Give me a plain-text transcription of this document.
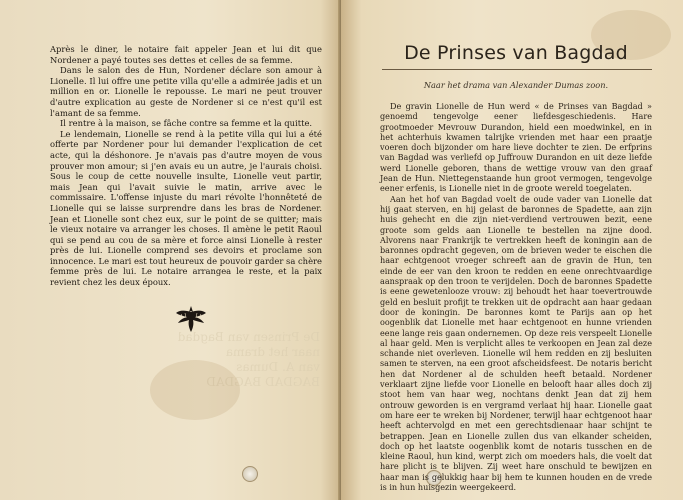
Après le diner, le notaire fait appeler Jean et lui dit que Nordener a payé toutes ses dettes et celles de sa femme.

Dans le salon des de Hun, Nordener déclare son amour à Lionelle. Il lui offre une petite villa qu'elle a admirée jadis et un million en or. Lionelle le repousse. Le mari ne peut trouver d'autre explication au geste de Nordener si ce n'est qu'il est l'amant de sa femme.

Il rentre à la maison, se fâche contre sa femme et la quitte.

Le lendemain, Lionelle se rend à la petite villa qui lui a été offerte par Nordener pour lui demander l'explication de cet acte, qui la déshonore. Je n'avais pas d'autre moyen de vous prouver mon amour; si j'en avais eu un autre, je l'aurais choisi. Sous le coup de cette nouvelle insulte, Lionelle veut partir, mais Jean qui l'avait suivie le matin, arrive avec le commissaire. L'offense injuste du mari révolte l'honnêteté de Lionelle qui se laisse surprendre dans les bras de Nordener. Jean et Lionelle sont chez eux, sur le point de se quitter; mais le vieux notaire va arranger les choses. Il amène le petit Raoul qui se pend au cou de sa mère et force ainsi Lionelle à rester près de lui. Lionelle comprend ses devoirs et proclame son innocence. Le mari est tout heureux de pouvoir garder sa chère femme près de lui. Le notaire arrangea le reste, et la paix revient chez les deux époux.

De Prinsen van Bagdad
naar het drama
van A. Dumas
BAGDAD BAGDAD
De Prinses van Bagdad
Naar het drama van Alexander Dumas zoon.

De gravin Lionelle de Hun werd « de Prinses van Bagdad » genoemd tengevolge eener liefdesgeschiedenis. Hare grootmoeder Mevrouw Durandon, hield een moedwinkel, en in het achterhuis kwamen talrijke vrienden met haar een praatje voeren doch bijzonder om hare lieve dochter te zien. De erfprins van Bagdad was verliefd op Juffrouw Durandon en uit deze liefde werd Lionelle geboren, thans de wettige vrouw van den graaf Jean de Hun. Niettegenstaande hun groot vermogen, tengevolge eener erfenis, is Lionelle niet in de groote wereld toegelaten.

Aan het hof van Bagdad voelt de oude vader van Lionelle dat hij gaat sterven, en hij gelast de baronnes de Spadette, aan zijn huis gehecht en die zijn niet-verdiend vertrouwen bezit, eene groote som gelds aan Lionelle te bestellen na zijne dood. Alvorens naar Frankrijk te vertrekken heeft de koningin aan de baronnes opdracht gegeven, om de brieven weder te eischen die haar echtgenoot vroeger schreeft aan de gravin de Hun, ten einde de eer van den kroon te redden en eene onrechtvaardige aanspraak op den troon te verijdelen. Doch de baronnes Spadette is eene gewetenlooze vrouw: zij behoudt het haar toevertrouwde geld en besluit profijt te trekken uit de opdracht aan haar gedaan door de koningin. De baronnes komt te Parijs aan op het oogenblik dat Lionelle met haar echtgenoot en hunne vrienden eene lange reis gaan ondernemen. Op deze reis verspeelt Lionelle al haar geld. Men is verplicht alles te verkoopen en Jean zal deze schande niet overleven. Lionelle wil hem redden en zij besluiten samen te sterven, na een groot afscheidsfeest. De notaris bericht hen dat Nordener al de schulden heeft betaald. Nordener verklaart zijne liefde voor Lionelle en belooft haar alles doch zij stoot hem van haar weg, nochtans denkt Jean dat zij hem ontrouw geworden is en vergramd verlaat hij haar. Lionelle gaat om hare eer te wreken bij Nordener, terwijl haar echtgenoot haar heeft achtervolgd en met een gerechtsdienaar haar schijnt te betrappen. Jean en Lionelle zullen dus van elkander scheiden, doch op het laatste oogenblik komt de notaris tusschen en de kleine Raoul, hun kind, werpt zich om moeders hals, die voelt dat hare plicht is te blijven. Zij weet hare onschuld te bewijzen en haar man is gelukkig haar bij hem te kunnen houden en de vrede is in hun huisgezin weergekeerd.
